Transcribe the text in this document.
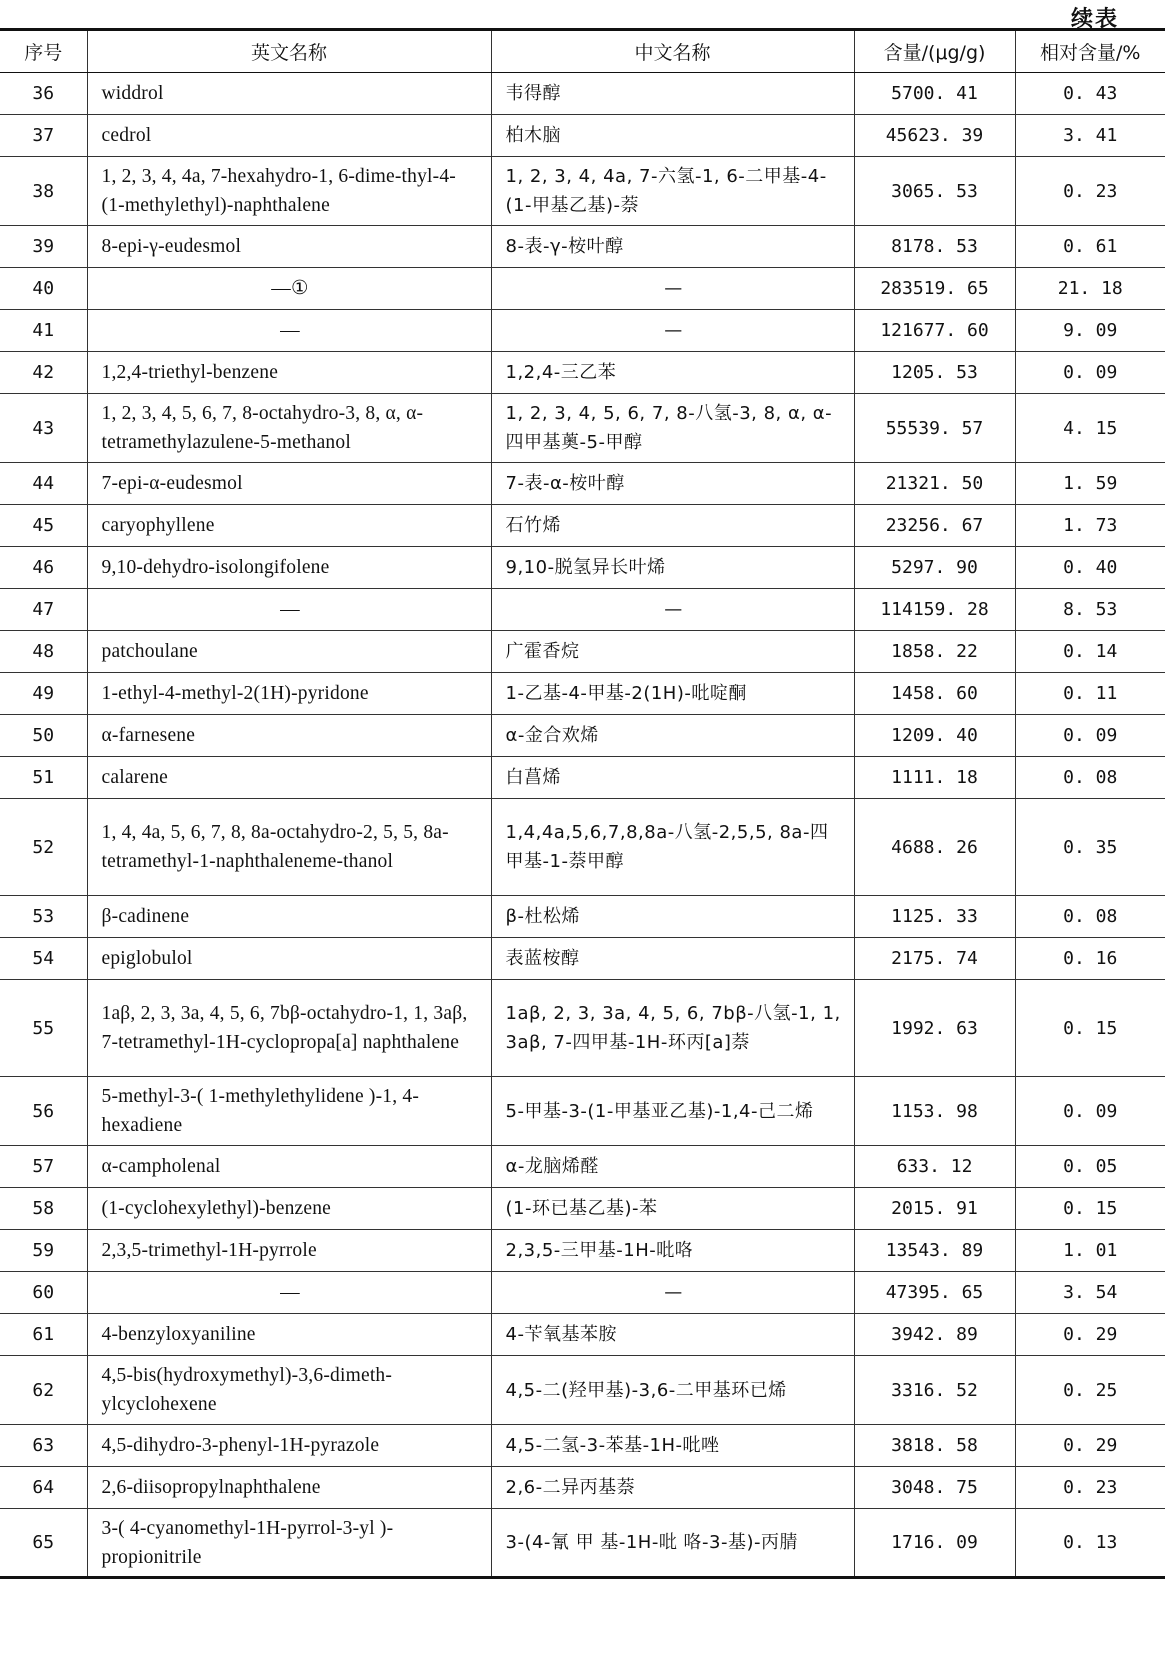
续表
序号	英文名称	中文名称	含量/(μg/g)	相对含量/%
36	widdrol	韦得醇	5700. 41	0. 43
37	cedrol	柏木脑	45623. 39	3. 41
38	1, 2, 3, 4, 4a, 7-hexahydro-1, 6-dime-thyl-4-(1-methylethyl)-naphthalene	1, 2, 3, 4, 4a, 7-六氢-1, 6-二甲基-4-(1-甲基乙基)-萘	3065. 53	0. 23
39	8-epi-γ-eudesmol	8-表-γ-桉叶醇	8178. 53	0. 61
40	—①	—	283519. 65	21. 18
41	—	—	121677. 60	9. 09
42	1,2,4-triethyl-benzene	1,2,4-三乙苯	1205. 53	0. 09
43	1, 2, 3, 4, 5, 6, 7, 8-octahydro-3, 8, α, α-tetramethylazulene-5-methanol	1, 2, 3, 4, 5, 6, 7, 8-八氢-3, 8, α, α-四甲基薁-5-甲醇	55539. 57	4. 15
44	7-epi-α-eudesmol	7-表-α-桉叶醇	21321. 50	1. 59
45	caryophyllene	石竹烯	23256. 67	1. 73
46	9,10-dehydro-isolongifolene	9,10-脱氢异长叶烯	5297. 90	0. 40
47	—	—	114159. 28	8. 53
48	patchoulane	广霍香烷	1858. 22	0. 14
49	1-ethyl-4-methyl-2(1H)-pyridone	1-乙基-4-甲基-2(1H)-吡啶酮	1458. 60	0. 11
50	α-farnesene	α-金合欢烯	1209. 40	0. 09
51	calarene	白菖烯	1111. 18	0. 08
52	1, 4, 4a, 5, 6, 7, 8, 8a-octahydro-2, 5, 5, 8a-tetramethyl-1-naphthaleneme-thanol	1,4,4a,5,6,7,8,8a-八氢-2,5,5, 8a-四甲基-1-萘甲醇	4688. 26	0. 35
53	β-cadinene	β-杜松烯	1125. 33	0. 08
54	epiglobulol	表蓝桉醇	2175. 74	0. 16
55	1aβ, 2, 3, 3a, 4, 5, 6, 7bβ-octahydro-1, 1, 3aβ, 7-tetramethyl-1H-cyclopropa[a] naphthalene	1aβ, 2, 3, 3a, 4, 5, 6, 7bβ-八氢-1, 1, 3aβ, 7-四甲基-1H-环丙[a]萘	1992. 63	0. 15
56	5-methyl-3-( 1-methylethylidene )-1, 4-hexadiene	5-甲基-3-(1-甲基亚乙基)-1,4-己二烯	1153. 98	0. 09
57	α-campholenal	α-龙脑烯醛	633. 12	0. 05
58	(1-cyclohexylethyl)-benzene	(1-环已基乙基)-苯	2015. 91	0. 15
59	2,3,5-trimethyl-1H-pyrrole	2,3,5-三甲基-1H-吡咯	13543. 89	1. 01
60	—	—	47395. 65	3. 54
61	4-benzyloxyaniline	4-苄氧基苯胺	3942. 89	0. 29
62	4,5-bis(hydroxymethyl)-3,6-dimeth-ylcyclohexene	4,5-二(羟甲基)-3,6-二甲基环已烯	3316. 52	0. 25
63	4,5-dihydro-3-phenyl-1H-pyrazole	4,5-二氢-3-苯基-1H-吡唑	3818. 58	0. 29
64	2,6-diisopropylnaphthalene	2,6-二异丙基萘	3048. 75	0. 23
65	3-( 4-cyanomethyl-1H-pyrrol-3-yl )-propionitrile	3-(4-氰 甲 基-1H-吡 咯-3-基)-丙腈	1716. 09	0. 13
